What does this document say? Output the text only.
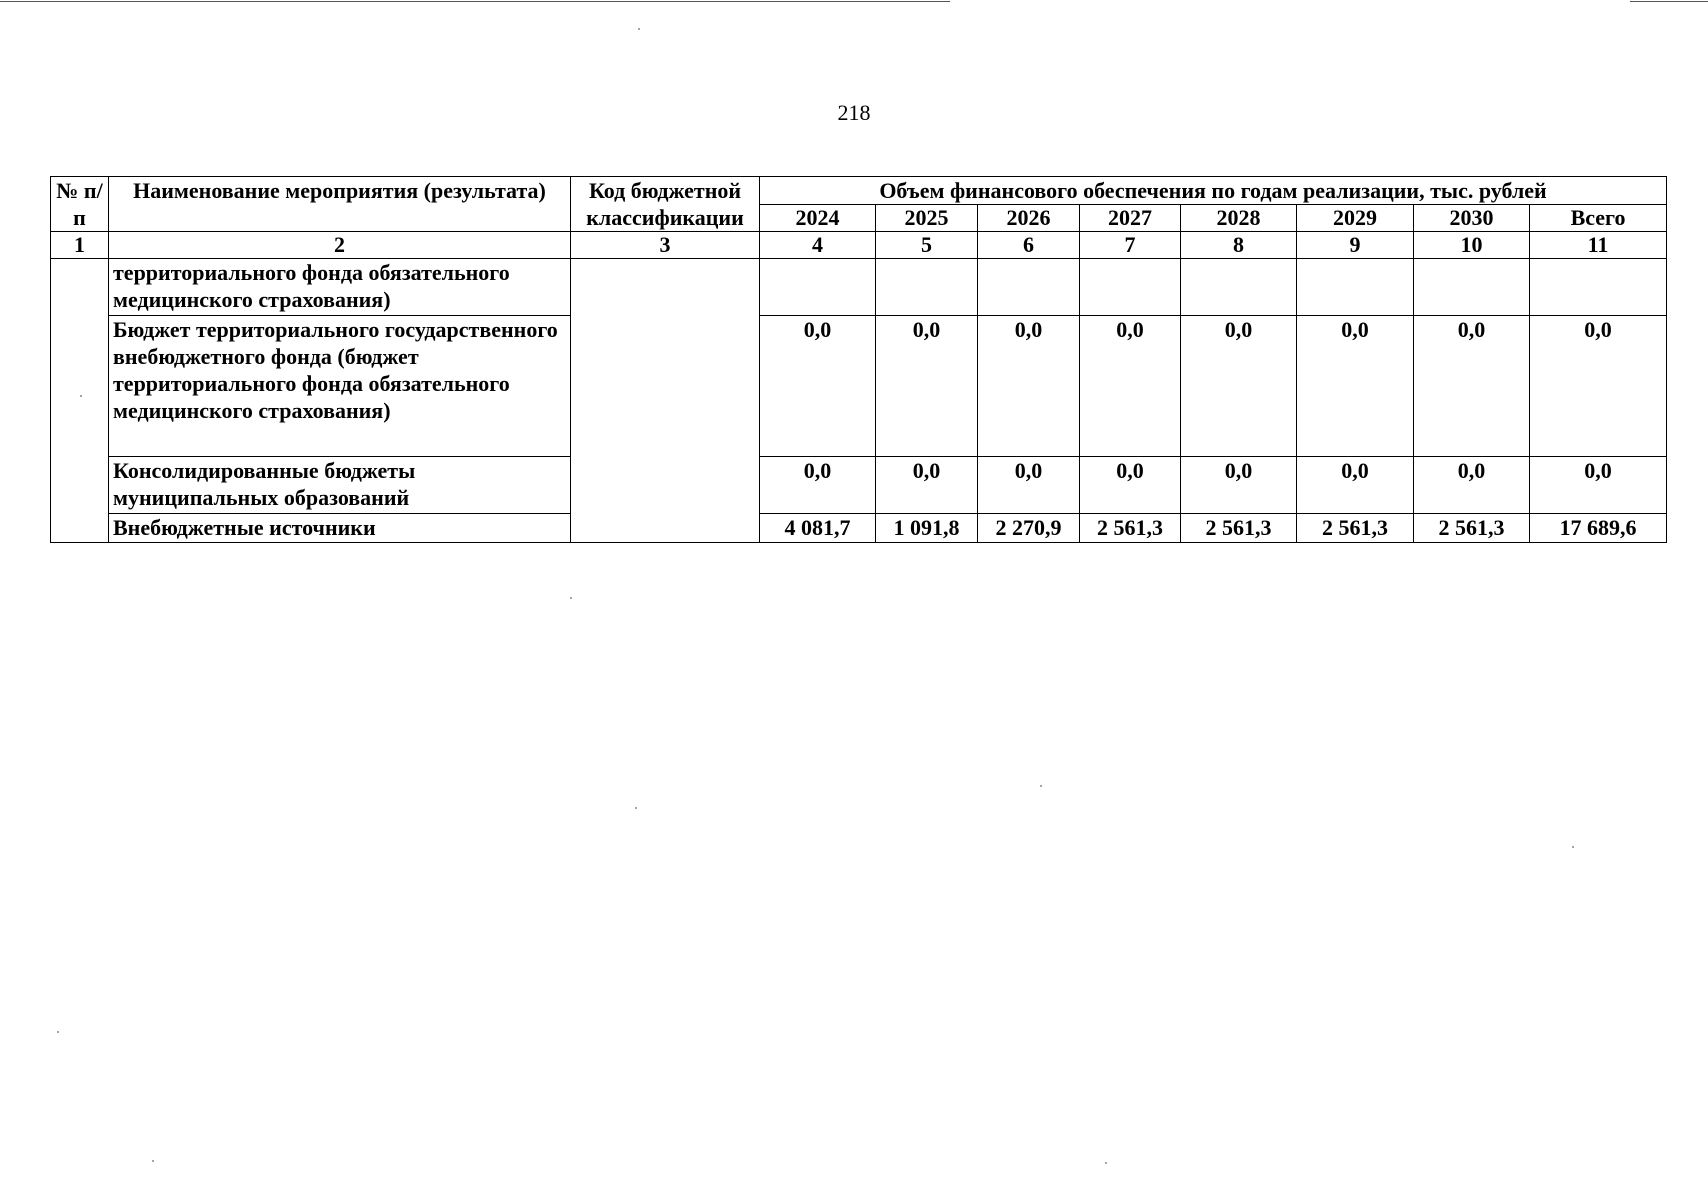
218
№ п/п	Наименование мероприятия (результата)	Код бюджетной классификации	Объем финансового обеспечения по годам реализации, тыс. рублей							
			2024	2025	2026	2027	2028	2029	2030	Всего
1	2	3	4	5	6	7	8	9	10	11
	территориального фонда обязательного медицинского страхования)									
	Бюджет территориального государственного внебюджетного фонда (бюджет территориального фонда обязательного медицинского страхования)		0,0	0,0	0,0	0,0	0,0	0,0	0,0	0,0
	Консолидированные бюджеты муниципальных образований		0,0	0,0	0,0	0,0	0,0	0,0	0,0	0,0
	Внебюджетные источники		4 081,7	1 091,8	2 270,9	2 561,3	2 561,3	2 561,3	2 561,3	17 689,6
